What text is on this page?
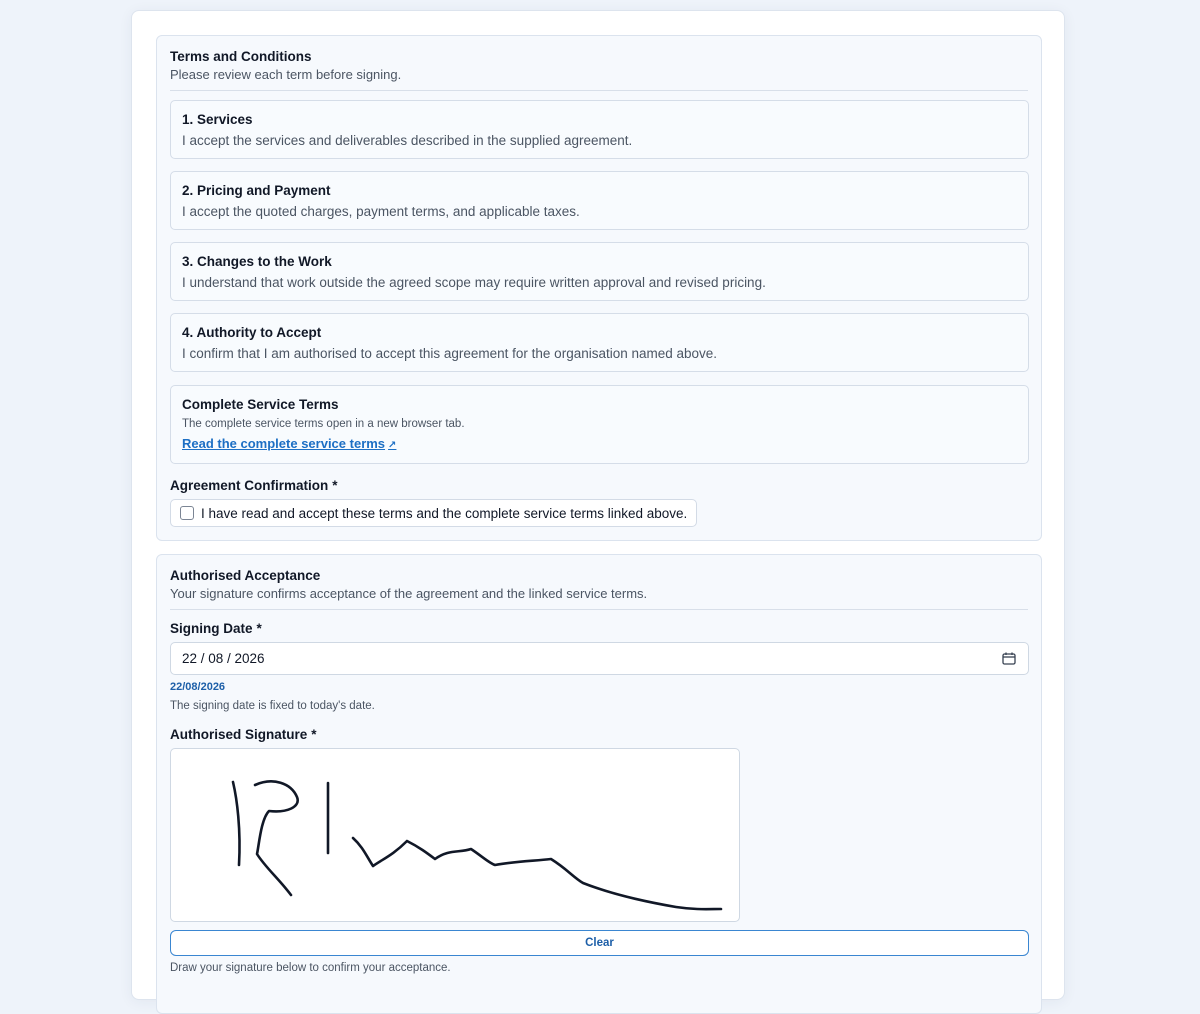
Terms and Conditions
Please review each term before signing.
1. Services
I accept the services and deliverables described in the supplied agreement.
2. Pricing and Payment
I accept the quoted charges, payment terms, and applicable taxes.
3. Changes to the Work
I understand that work outside the agreed scope may require written approval and revised pricing.
4. Authority to Accept
I confirm that I am authorised to accept this agreement for the organisation named above.
Complete Service Terms
The complete service terms open in a new browser tab.
Read the complete service terms ↗
Agreement Confirmation *
I have read and accept these terms and the complete service terms linked above.
Authorised Acceptance
Your signature confirms acceptance of the agreement and the linked service terms.
Signing Date *
22 / 08 / 2026
22/08/2026
The signing date is fixed to today's date.
Authorised Signature *
Clear
Draw your signature below to confirm your acceptance.
